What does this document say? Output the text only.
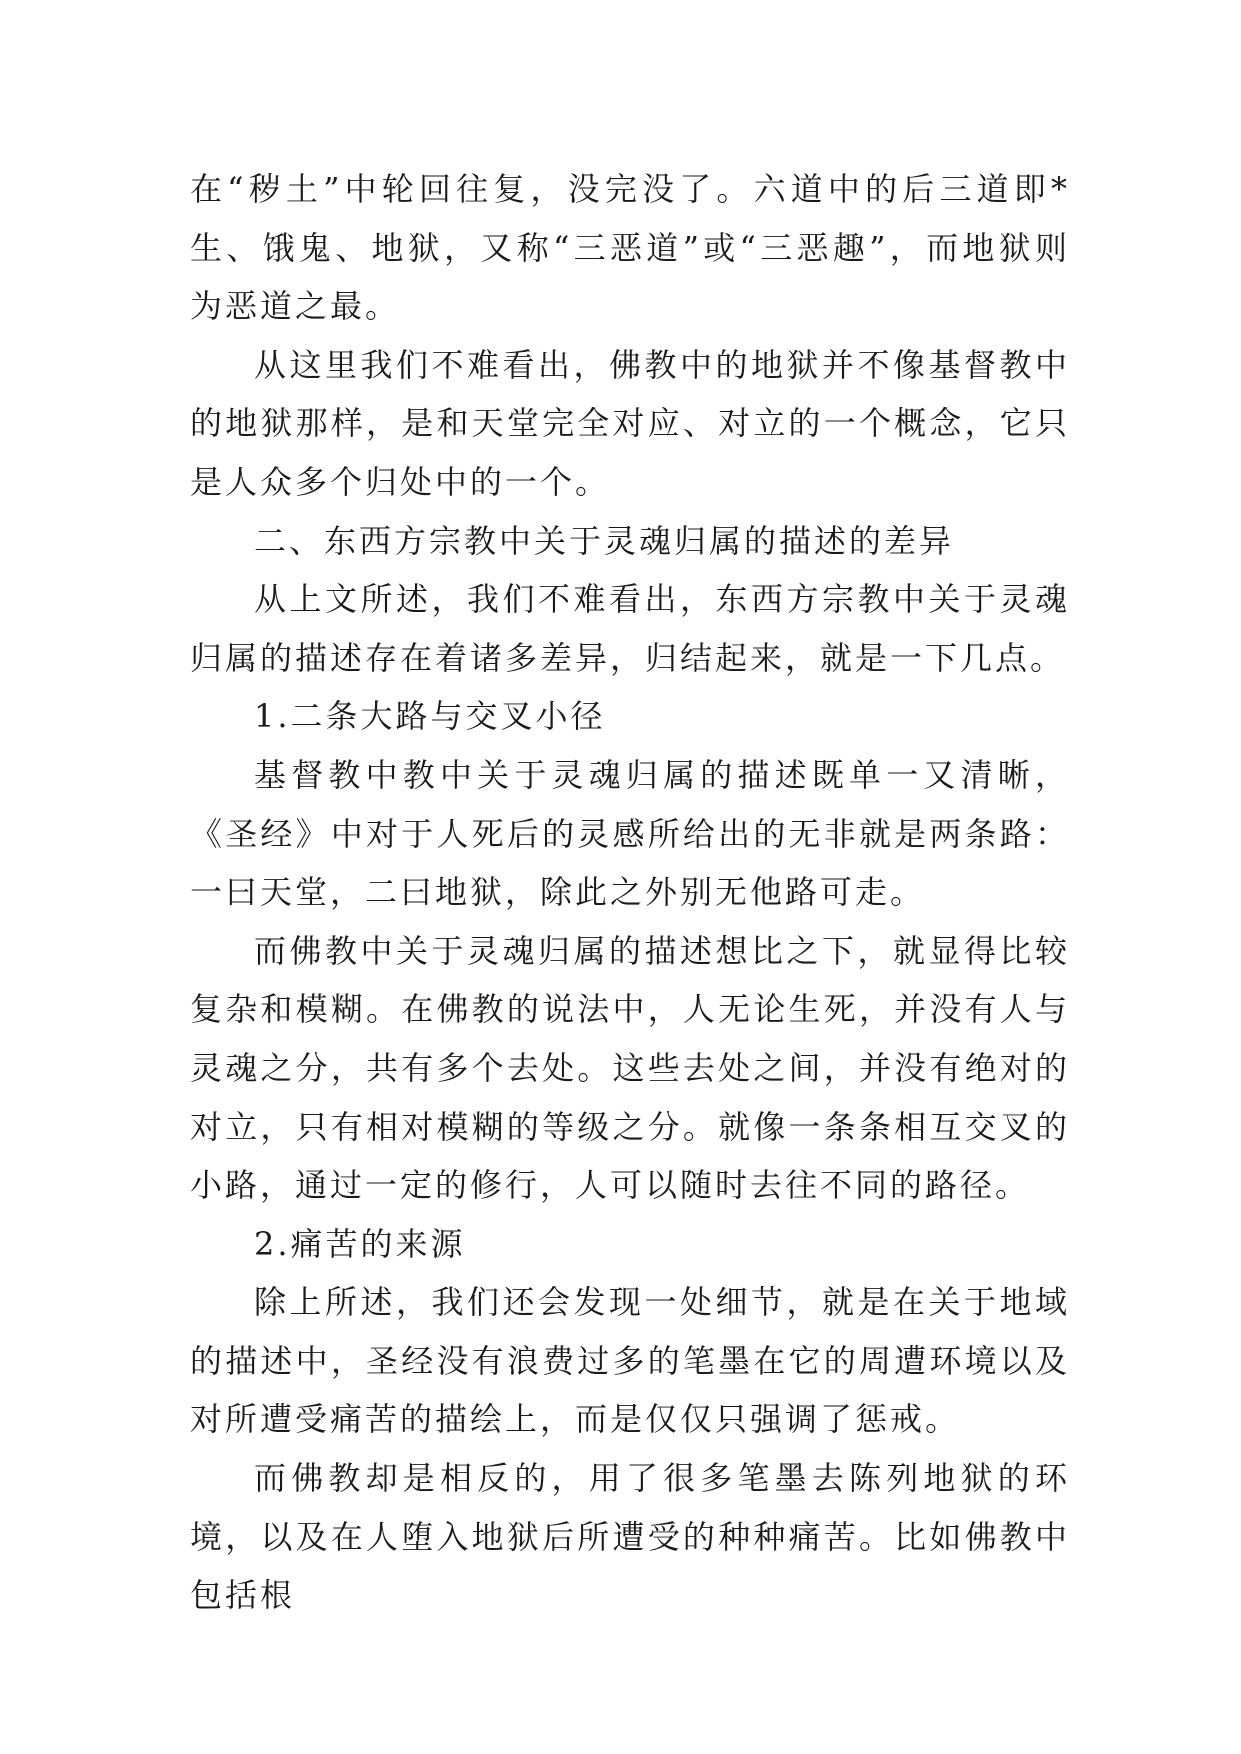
在“秽土”中轮回往复，没完没了。六道中的后三道即*生、饿鬼、地狱，又称“三恶道”或“三恶趣”，而地狱则为恶道之最。

从这里我们不难看出，佛教中的地狱并不像基督教中的地狱那样，是和天堂完全对应、对立的一个概念，它只是人众多个归处中的一个。

二、东西方宗教中关于灵魂归属的描述的差异

从上文所述，我们不难看出，东西方宗教中关于灵魂归属的描述存在着诸多差异，归结起来，就是一下几点。

1.二条大路与交叉小径

基督教中教中关于灵魂归属的描述既单一又清晰，《圣经》中对于人死后的灵感所给出的无非就是两条路：一曰天堂，二曰地狱，除此之外别无他路可走。

而佛教中关于灵魂归属的描述想比之下，就显得比较复杂和模糊。在佛教的说法中，人无论生死，并没有人与灵魂之分，共有多个去处。这些去处之间，并没有绝对的对立，只有相对模糊的等级之分。就像一条条相互交叉的小路，通过一定的修行，人可以随时去往不同的路径。

2.痛苦的来源

除上所述，我们还会发现一处细节，就是在关于地域的描述中，圣经没有浪费过多的笔墨在它的周遭环境以及对所遭受痛苦的描绘上，而是仅仅只强调了惩戒。

而佛教却是相反的，用了很多笔墨去陈列地狱的环境，以及在人堕入地狱后所遭受的种种痛苦。比如佛教中包括根
